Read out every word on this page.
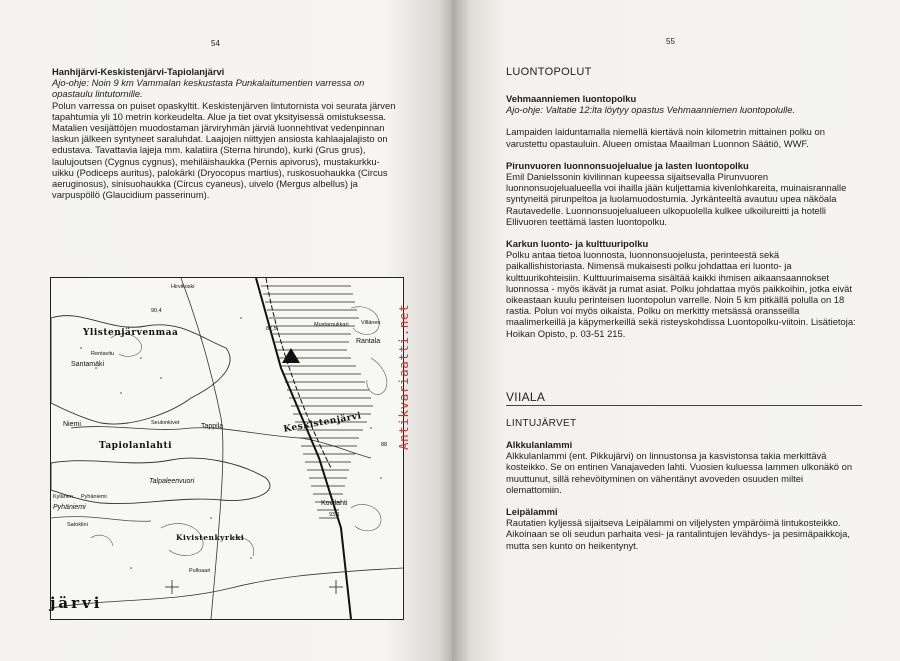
54

Hanhijärvi-Keskistenjärvi-Tapiolanjärvi

Ajo-ohje: Noin 9 km Vammalan keskustasta Punkalaitumentien varressa on opastaulu lintutornille.

Polun varressa on puiset opaskyltit. Keskistenjärven lintutornista voi seurata järven tapahtumia yli 10 metrin korkeudelta. Alue ja tiet ovat yksityisessä omistuksessa.

Matalien vesijättöjen muodostaman järviryhmän järviä luonnehtivat vedenpinnan laskun jälkeen syntyneet saraluhdat. Laajojen niittyjen ansiosta kahlaajalajisto on edustava. Tavattavia lajeja mm. kalatiira (Sterna hirundo), kurki (Grus grus), laulujoutsen (Cygnus cygnus), mehiläishaukka (Pernis apivorus), mustakurkku-uikku (Podiceps auritus), palokärki (Dryocopus martius), ruskosuohaukka (Circus aeruginosus), sinisuohaukka (Circus cyaneus), uivelo (Mergus albellus) ja varpuspöllö (Glaucidium passerinum).

Ylistenjärvenmaa
Santamäki
Rentavitu
Niemi
Tapiolanlahti
Seulonkivet	Tappila	Keskistenjärvi
Mustaroukkari
Rantala
Villänen
Kylänen
Hirvikoski
Pyhäniemi
Pyhäniemi
Satoklini
Talpaleenvuori
Kivistenkyrkki
Kovilahti
Pulloaari
90,4
87,5
93,1
88
järvi
Antikvariaatti.net
55
LUONTOPOLUT

Vehmaanniemen luontopolku

Ajo-ohje: Valtatie 12:lta löytyy opastus Vehmaanniemen luontopolulle.

Lampaiden laiduntamalla niemellä kiertävä noin kilometrin mittainen polku on varustettu opastauluin. Alueen omistaa Maailman Luonnon Säätiö, WWF.

Pirunvuoren luonnonsuojelualue ja lasten luontopolku

Emil Danielssonin kivilinnan kupeessa sijaitsevalla Pirunvuoren luonnonsuojelualueella voi ihailla jään kuljettamia kivenlohkareita, muinaisrannalle syntyneitä pirunpeltoa ja luolamuodostumia. Jyrkänteeltä avautuu upea näköala Rautavedelle. Luonnonsuojelualueen ulkopuolella kulkee ulkoilureitti ja hotelli Ellivuoren teettämä lasten luontopolku.

Karkun luonto- ja kulttuuripolku

Polku antaa tietoa luonnosta, luonnonsuojelusta, perinteestä sekä paikallishistoriasta. Nimensä mukaisesti polku johdattaa eri luonto- ja kulttuurikohteisiin. Kulttuurimaisema sisältää kaikki ihmisen aikaansaannokset luonnossa - myös ikävät ja rumat asiat. Polku johdattaa myös paikkoihin, jotka eivät oikeastaan kuulu perinteisen luontopolun varrelle. Noin 5 km pitkällä polulla on 18 rastia. Polun voi myös oikaista. Polku on merkitty metsässä oransseilla maalimerkeillä ja käpymerkeillä sekä risteyskohdissa Luontopolku-viitoin. Lisätietoja: Hoikan Opisto, p. 03-51 215.

VIIALA
LINTUJÄRVET

Alkkulanlammi

Alkkulanlammi (ent. Pikkujärvi) on linnustonsa ja kasvistonsa takia merkittävä kosteikko. Se on entinen Vanajaveden lahti. Vuosien kuluessa lammen ulkonäkö on muuttunut, sillä rehevöityminen on vähentänyt avoveden osuuden miltei olemattomiin.

Leipälammi

Rautatien kyljessä sijaitseva Leipälammi on viljelysten ympäröimä lintukosteikko. Aikoinaan se oli seudun parhaita vesi- ja rantalintujen levähdys- ja pesimäpaikkoja, mutta sen kunto on heikentynyt.
